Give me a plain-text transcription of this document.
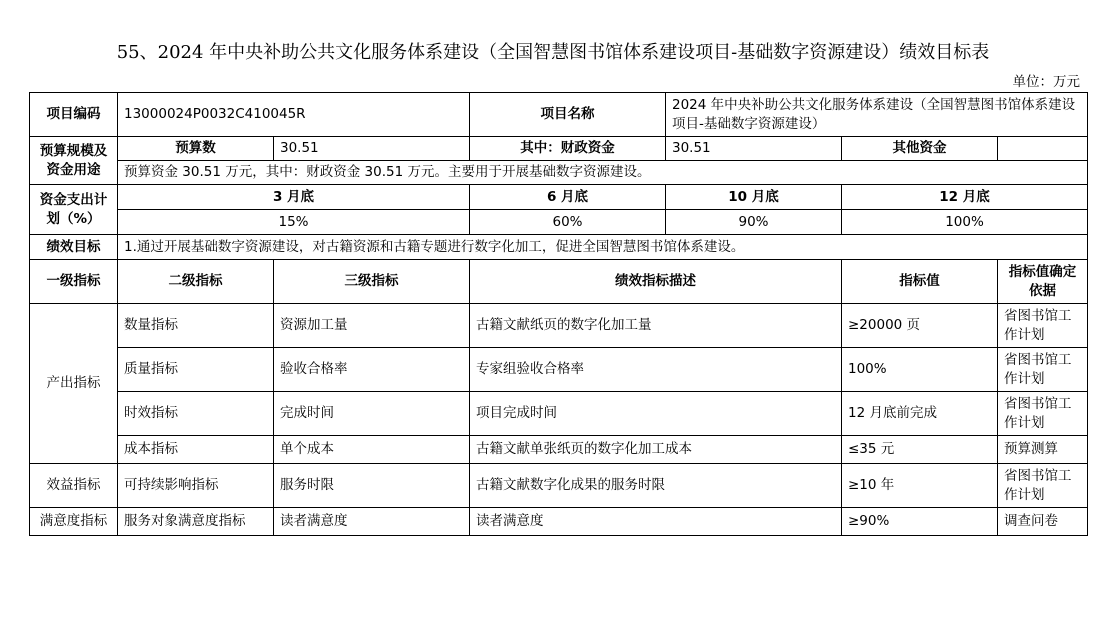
55、2024 年中央补助公共文化服务体系建设（全国智慧图书馆体系建设项目-基础数字资源建设）绩效目标表
单位：万元
项目编码	13000024P0032C410045R		项目名称	2024 年中央补助公共文化服务体系建设（全国智慧图书馆体系建设项目-基础数字资源建设）		
预算规模及资金用途	预算数	30.51	其中：财政资金	30.51	其他资金	
	预算资金 30.51 万元，其中：财政资金 30.51 万元。主要用于开展基础数字资源建设。					
资金支出计划（%）	3 月底		6 月底	10 月底	12 月底	
	15%		60%	90%	100%	
绩效目标	1.通过开展基础数字资源建设，对古籍资源和古籍专题进行数字化加工，促进全国智慧图书馆体系建设。					
一级指标	二级指标	三级指标	绩效指标描述		指标值	指标值确定依据
产出指标	数量指标	资源加工量	古籍文献纸页的数字化加工量		≥20000 页	省图书馆工作计划
	质量指标	验收合格率	专家组验收合格率		100%	省图书馆工作计划
	时效指标	完成时间	项目完成时间		12 月底前完成	省图书馆工作计划
	成本指标	单个成本	古籍文献单张纸页的数字化加工成本		≤35 元	预算测算
效益指标	可持续影响指标	服务时限	古籍文献数字化成果的服务时限		≥10 年	省图书馆工作计划
满意度指标	服务对象满意度指标	读者满意度	读者满意度		≥90%	调查问卷
